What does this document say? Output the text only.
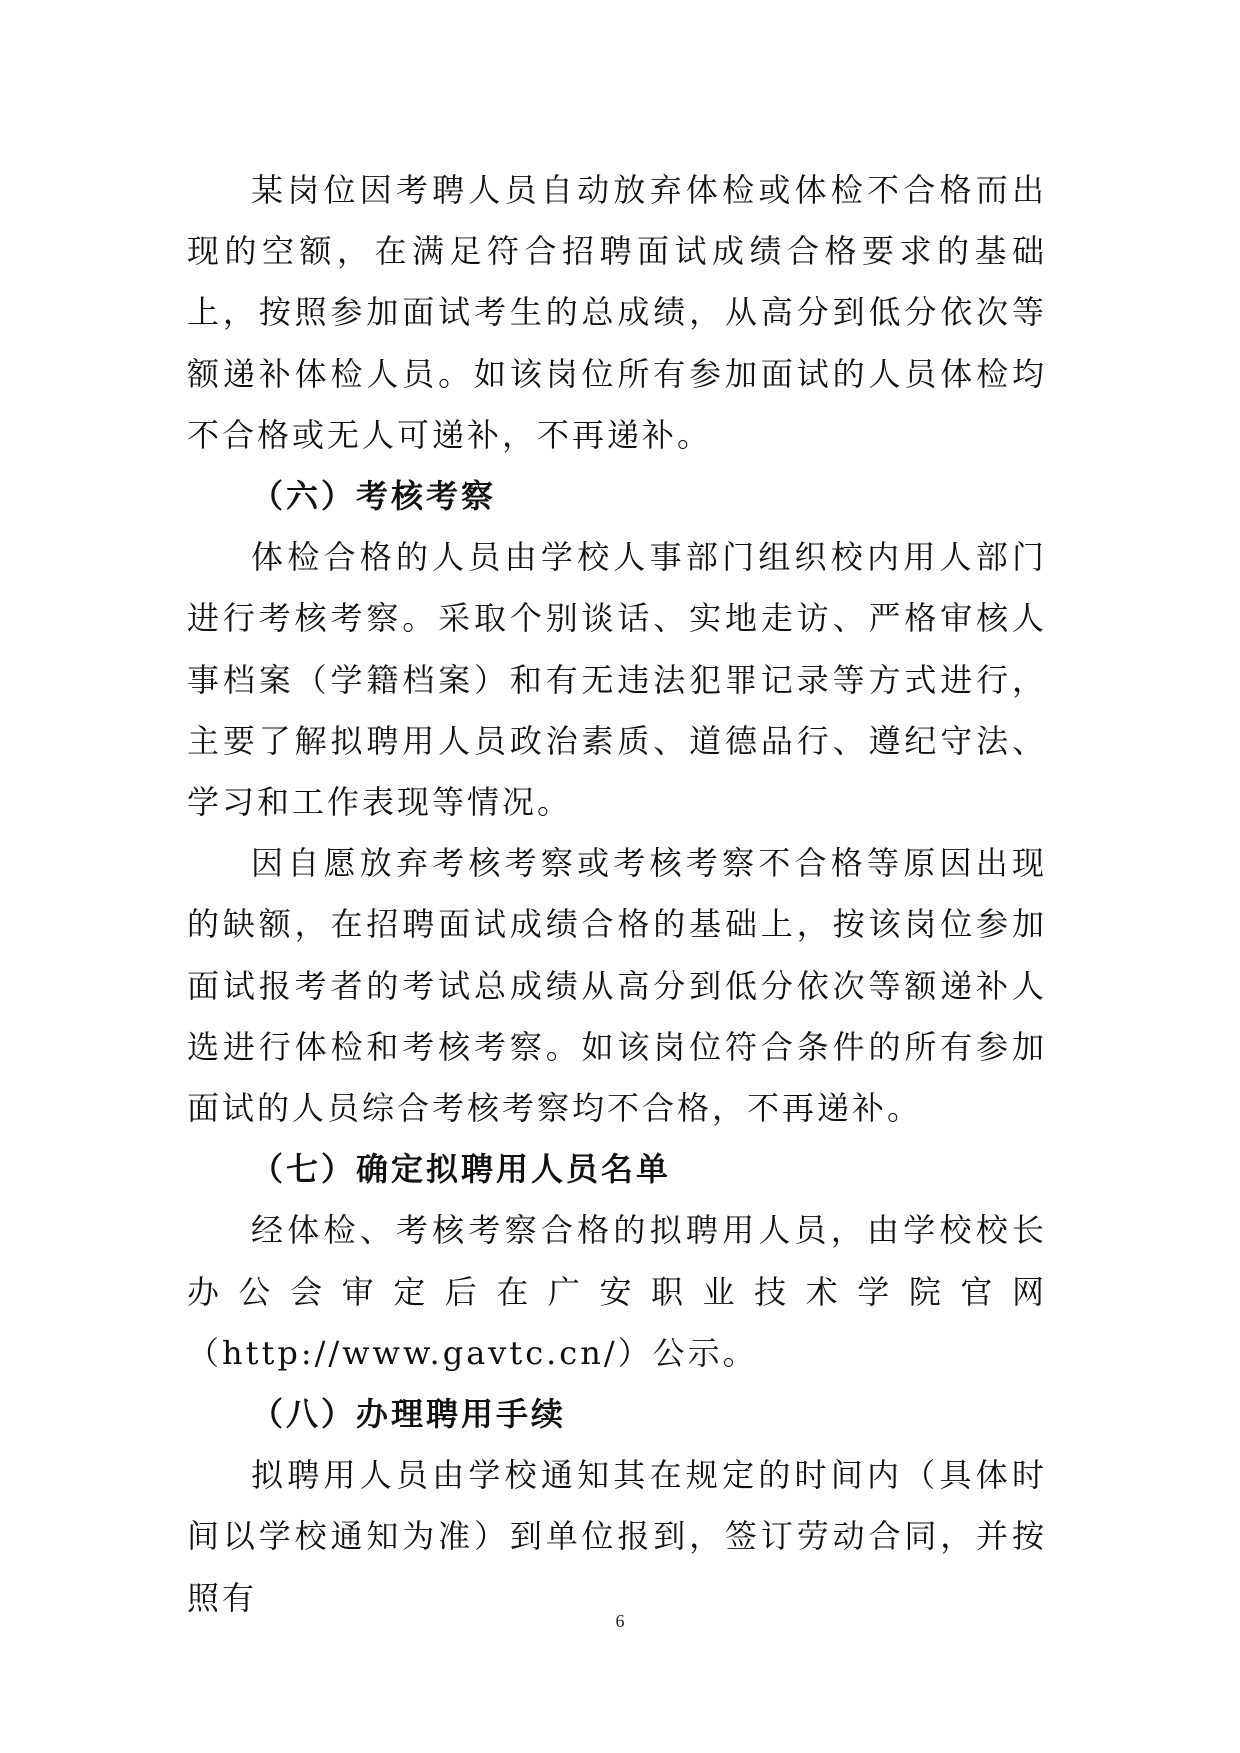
某岗位因考聘人员自动放弃体检或体检不合格而出现的空额，在满足符合招聘面试成绩合格要求的基础上，按照参加面试考生的总成绩，从高分到低分依次等额递补体检人员。如该岗位所有参加面试的人员体检均不合格或无人可递补，不再递补。

（六）考核考察

体检合格的人员由学校人事部门组织校内用人部门进行考核考察。采取个别谈话、实地走访、严格审核人事档案（学籍档案）和有无违法犯罪记录等方式进行，主要了解拟聘用人员政治素质、道德品行、遵纪守法、学习和工作表现等情况。

因自愿放弃考核考察或考核考察不合格等原因出现的缺额，在招聘面试成绩合格的基础上，按该岗位参加面试报考者的考试总成绩从高分到低分依次等额递补人选进行体检和考核考察。如该岗位符合条件的所有参加面试的人员综合考核考察均不合格，不再递补。

（七）确定拟聘用人员名单

经体检、考核考察合格的拟聘用人员，由学校校长办公会审定后在广安职业技术学院官网

（http://www.gavtc.cn/）公示。

（八）办理聘用手续

拟聘用人员由学校通知其在规定的时间内（具体时间以学校通知为准）到单位报到，签订劳动合同，并按照有

6
